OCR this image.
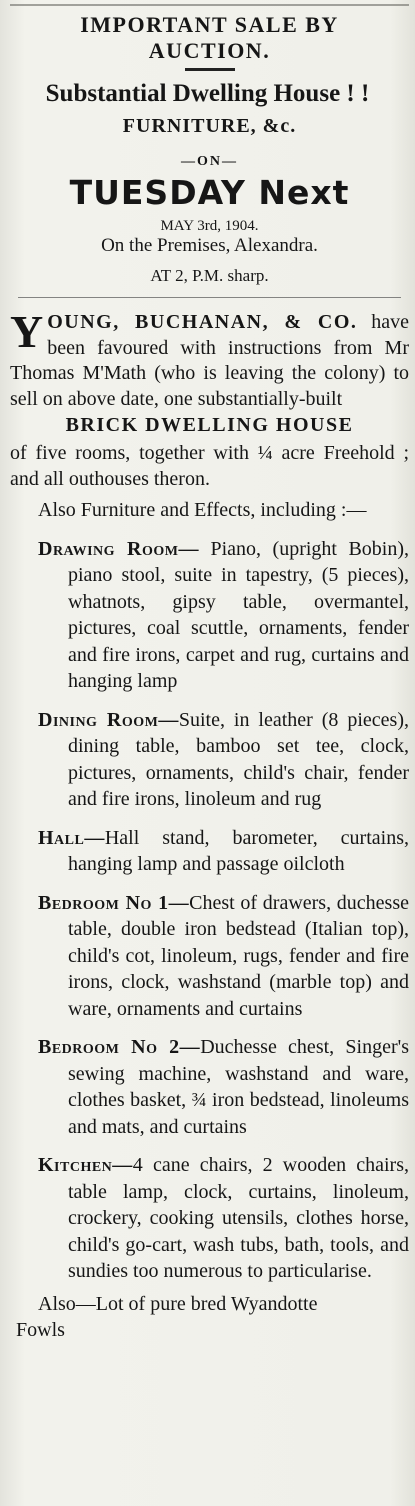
IMPORTANT SALE BY
AUCTION.
Substantial Dwelling House ! !
FURNITURE, &c.
—ON—
TUESDAY Next
MAY 3rd, 1904.
On the Premises, Alexandra.
AT 2, P.M. sharp.
Y OUNG, BUCHANAN, & CO. have been favoured with instructions from Mr Thomas M'Math (who is leaving the colony) to sell on above date, one substantially-built
BRICK DWELLING HOUSE
of five rooms, together with ¼ acre Freehold ; and all outhouses theron.
Also Furniture and Effects, including :—
Drawing Room— Piano, (upright Bobin), piano stool, suite in tapestry, (5 pieces), whatnots, gipsy table, overmantel, pictures, coal scuttle, ornaments, fender and fire irons, carpet and rug, curtains and hanging lamp
Dining Room—Suite, in leather (8 pieces), dining table, bamboo set tee, clock, pictures, ornaments, child's chair, fender and fire irons, linoleum and rug
Hall—Hall stand, barometer, curtains, hanging lamp and passage oilcloth
Bedroom No 1—Chest of drawers, duchesse table, double iron bedstead (Italian top), child's cot, linoleum, rugs, fender and fire irons, clock, washstand (marble top) and ware, ornaments and curtains
Bedroom No 2—Duchesse chest, Singer's sewing machine, washstand and ware, clothes basket, ¾ iron bedstead, linoleums and mats, and curtains
Kitchen—4 cane chairs, 2 wooden chairs, table lamp, clock, curtains, linoleum, crockery, cooking utensils, clothes horse, child's go-cart, wash tubs, bath, tools, and sundies too numerous to particularise.
Also—Lot of pure bred Wyandotte
Fowls
